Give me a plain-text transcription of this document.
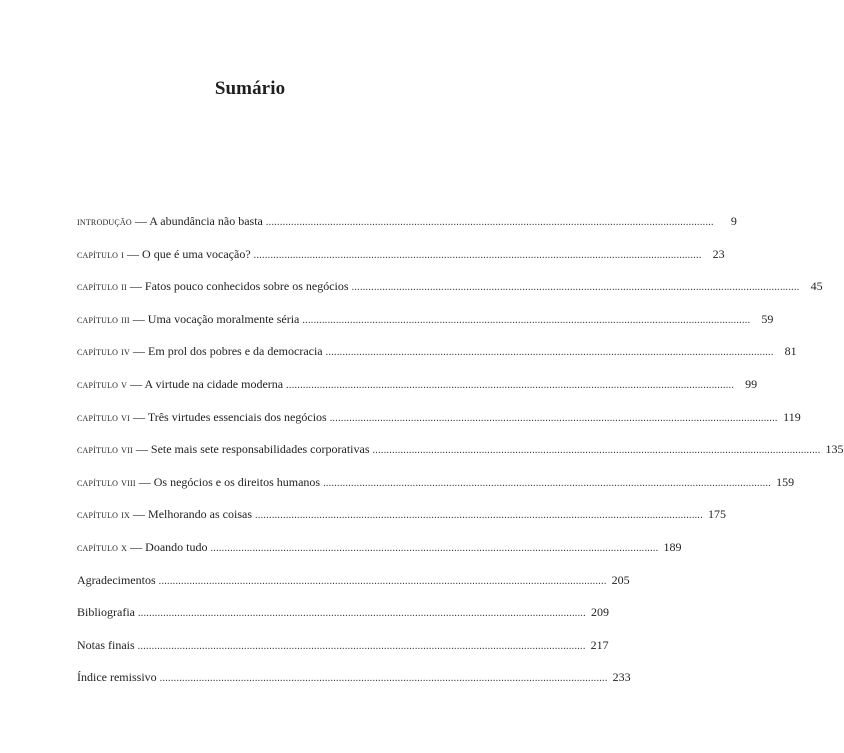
Sumário
introdução — A abundância não basta ................................................................................................................................................................	9
capítulo i — O que é uma vocação? ................................................................................................................................................................ 23
capítulo ii — Fatos pouco conhecidos sobre os negócios ................................................................................................................................................................ 45
capítulo iii — Uma vocação moralmente séria ................................................................................................................................................................ 59
capítulo iv — Em prol dos pobres e da democracia ................................................................................................................................................................ 81
capítulo v — A virtude na cidade moderna ................................................................................................................................................................ 99
capítulo vi — Três virtudes essenciais dos negócios ................................................................................................................................................................ 119
capítulo vii — Sete mais sete responsabilidades corporativas ................................................................................................................................................................ 135
capítulo viii — Os negócios e os direitos humanos ................................................................................................................................................................ 159
capítulo ix — Melhorando as coisas ................................................................................................................................................................ 175
capítulo x — Doando tudo ................................................................................................................................................................ 189
Agradecimentos ................................................................................................................................................................ 205
Bibliografia ................................................................................................................................................................ 209
Notas finais ................................................................................................................................................................ 217
Índice remissivo ................................................................................................................................................................ 233
